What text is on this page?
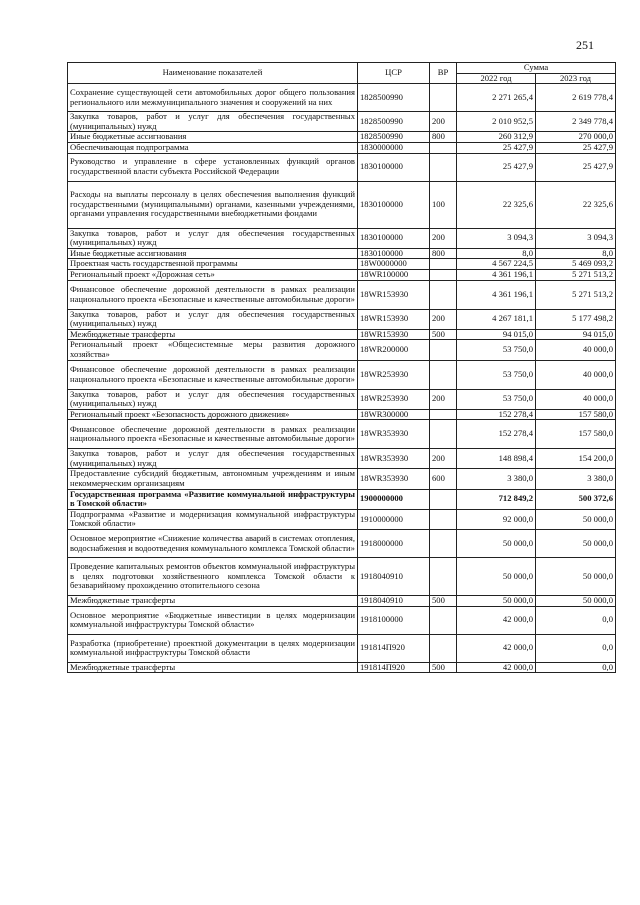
251
Наименование показателей	ЦСР	ВР	Сумма	
			2022 год	2023 год
Сохранение существующей сети автомобильных дорог общего пользования регионального или межмуниципального значения и сооружений на них	1828500990		2 271 265,4	2 619 778,4
Закупка товаров, работ и услуг для обеспечения государственных (муниципальных) нужд	1828500990	200	2 010 952,5	2 349 778,4
Иные бюджетные ассигнования	1828500990	800	260 312,9	270 000,0
Обеспечивающая подпрограмма	1830000000		25 427,9	25 427,9
Руководство и управление в сфере установленных функций органов государственной власти субъекта Российской Федерации	1830100000		25 427,9	25 427,9
Расходы на выплаты персоналу в целях обеспечения выполнения функций государственными (муниципальными) органами, казенными учреждениями, органами управления государственными внебюджетными фондами	1830100000	100	22 325,6	22 325,6
Закупка товаров, работ и услуг для обеспечения государственных (муниципальных) нужд	1830100000	200	3 094,3	3 094,3
Иные бюджетные ассигнования	1830100000	800	8,0	8,0
Проектная часть государственной программы	18W0000000		4 567 224,5	5 469 093,2
Региональный проект «Дорожная сеть»	18WR100000		4 361 196,1	5 271 513,2
Финансовое обеспечение дорожной деятельности в рамках реализации национального проекта «Безопасные и качественные автомобильные дороги»	18WR153930		4 361 196,1	5 271 513,2
Закупка товаров, работ и услуг для обеспечения государственных (муниципальных) нужд	18WR153930	200	4 267 181,1	5 177 498,2
Межбюджетные трансферты	18WR153930	500	94 015,0	94 015,0
Региональный проект «Общесистемные меры развития дорожного хозяйства»	18WR200000		53 750,0	40 000,0
Финансовое обеспечение дорожной деятельности в рамках реализации национального проекта «Безопасные и качественные автомобильные дороги»	18WR253930		53 750,0	40 000,0
Закупка товаров, работ и услуг для обеспечения государственных (муниципальных) нужд	18WR253930	200	53 750,0	40 000,0
Региональный проект «Безопасность дорожного движения»	18WR300000		152 278,4	157 580,0
Финансовое обеспечение дорожной деятельности в рамках реализации национального проекта «Безопасные и качественные автомобильные дороги»	18WR353930		152 278,4	157 580,0
Закупка товаров, работ и услуг для обеспечения государственных (муниципальных) нужд	18WR353930	200	148 898,4	154 200,0
Предоставление субсидий бюджетным, автономным учреждениям и иным некоммерческим организациям	18WR353930	600	3 380,0	3 380,0
Государственная программа «Развитие коммунальной инфраструктуры в Томской области»	1900000000		712 849,2	500 372,6
Подпрограмма «Развитие и модернизация коммунальной инфраструктуры Томской области»	1910000000		92 000,0	50 000,0
Основное мероприятие «Снижение количества аварий в системах отопления, водоснабжения и водоотведения коммунального комплекса Томской области»	1918000000		50 000,0	50 000,0
Проведение капитальных ремонтов объектов коммунальной инфраструктуры в целях подготовки хозяйственного комплекса Томской области к безаварийному прохождению отопительного сезона	1918040910		50 000,0	50 000,0
Межбюджетные трансферты	1918040910	500	50 000,0	50 000,0
Основное мероприятие «Бюджетные инвестиции в целях модернизации коммунальной инфраструктуры Томской области»	1918100000		42 000,0	0,0
Разработка (приобретение) проектной документации в целях модернизации коммунальной инфраструктуры Томской области	191814П920		42 000,0	0,0
Межбюджетные трансферты	191814П920	500	42 000,0	0,0
